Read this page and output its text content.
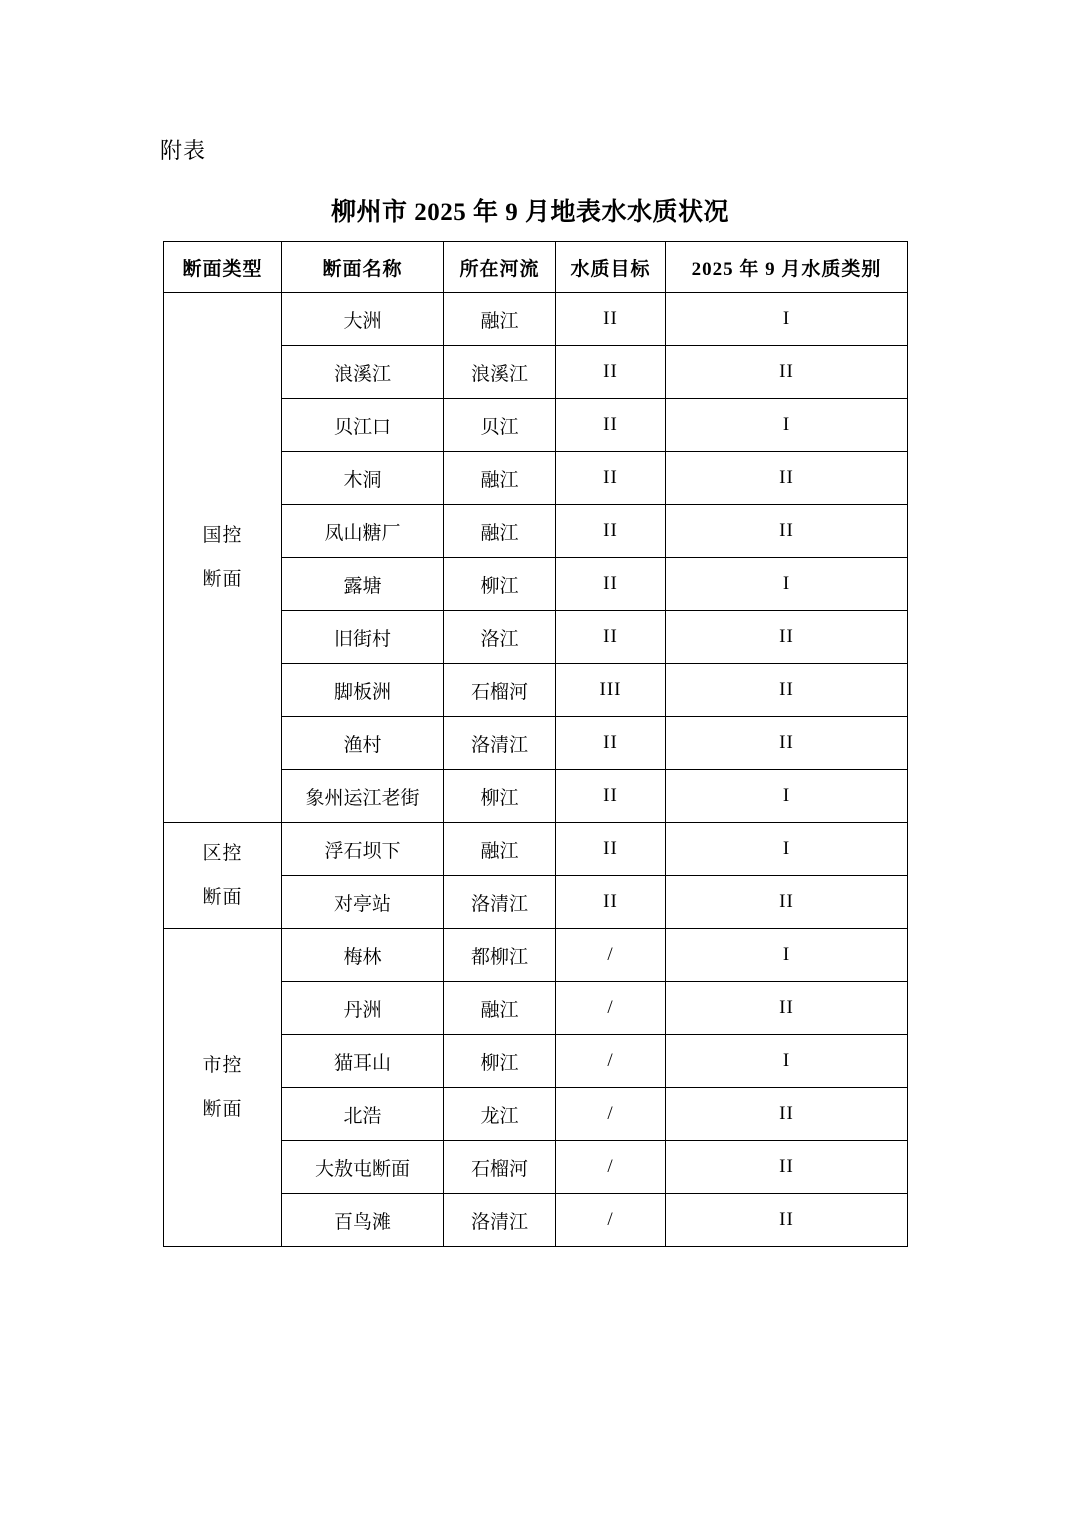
附表
柳州市 2025 年 9 月地表水水质状况
断面类型	断面名称	所在河流	水质目标	2025 年 9 月水质类别

国控
断面	大洲	融江	II	I
	浪溪江	浪溪江	II	II
	贝江口	贝江	II	I
	木洞	融江	II	II
	凤山糖厂	融江	II	II
	露塘	柳江	II	I
	旧街村	洛江	II	II
	脚板洲	石榴河	III	II
	渔村	洛清江	II	II
	象州运江老街	柳江	II	I

区控
断面	浮石坝下	融江	II	I
	对亭站	洛清江	II	II

市控
断面	梅林	都柳江	/	I
	丹洲	融江	/	II
	猫耳山	柳江	/	I
	北浩	龙江	/	II
	大敖屯断面	石榴河	/	II
	百鸟滩	洛清江	/	II
